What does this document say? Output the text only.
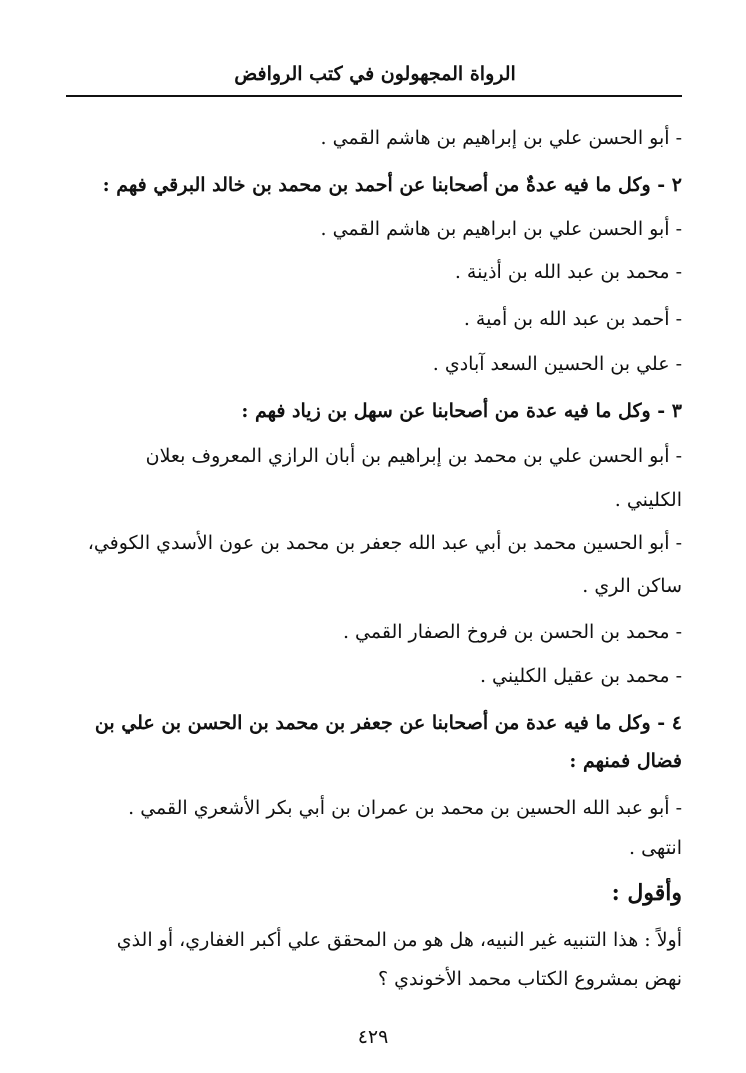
الرواة المجهولون في كتب الروافض
- أبو الحسن علي بن إبراهيم بن هاشم القمي .
٢ - وكل ما فيه عدةٌ من أصحابنا عن أحمد بن محمد بن خالد البرقي فهم :
- أبو الحسن علي بن ابراهيم بن هاشم القمي .
- محمد بن عبد الله بن أذينة .
- أحمد بن عبد الله بن أمية .
- علي بن الحسين السعد آبادي .
٣ - وكل ما فيه عدة من أصحابنا عن سهل بن زياد فهم :
- أبو الحسن علي بن محمد بن إبراهيم بن أبان الرازي المعروف بعلان
الكليني .
- أبو الحسين محمد بن أبي عبد الله جعفر بن محمد بن عون الأسدي الكوفي،
ساكن الري .
- محمد بن الحسن بن فروخ الصفار القمي .
- محمد بن عقيل الكليني .
٤ - وكل ما فيه عدة من أصحابنا عن جعفر بن محمد بن الحسن بن علي بن
فضال فمنهم :
- أبو عبد الله الحسين بن محمد بن عمران بن أبي بكر الأشعري القمي .
انتهى .
وأقول :
أولاً : هذا التنبيه غير النبيه، هل هو من المحقق علي أكبر الغفاري، أو الذي
نهض بمشروع الكتاب محمد الأخوندي ؟
٤٢٩
